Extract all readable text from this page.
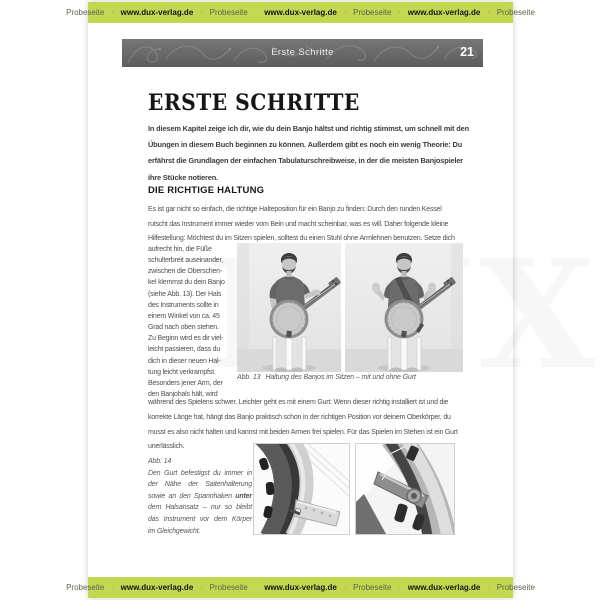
Probeseite · www.dux-verlag.de · Probeseite · www.dux-verlag.de · Probeseite · www.dux-verlag.de · Probeseite
Erste Schritte	21
ERSTE SCHRITTE
In diesem Kapitel zeige ich dir, wie du dein Banjo hältst und richtig stimmst, um schnell mit den
Übungen in diesem Buch beginnen zu können. Außerdem gibt es noch ein wenig Theorie: Du
erfährst die Grundlagen der einfachen Tabulaturschreibweise, in der die meisten Banjospieler
ihre Stücke notieren.
DIE RICHTIGE HALTUNG
Es ist gar nicht so einfach, die richtige Halteposition für ein Banjo zu finden: Durch den runden Kessel
rutscht das Instrument immer wieder vom Bein und macht scheinbar, was es will. Daher folgende kleine
Hilfestellung: Möchtest du im Sitzen spielen, solltest du einen Stuhl ohne Armlehnen benutzen. Setze dich
aufrecht hin, die Füße
schulterbreit auseinander,
zwischen die Oberschen-
kel klemmst du dein Banjo
(siehe Abb. 13). Der Hals
des Instruments sollte in
einem Winkel von ca. 45
Grad nach oben stehen.
Zu Beginn wird es dir viel-
leicht passieren, dass du
dich in dieser neuen Hal-
tung leicht verkrampfst.
Besonders jener Arm, der
den Banjohals hält, wird
Abb. 13 Haltung des Banjos im Sitzen – mit und ohne Gurt
während des Spielens schwer. Leichter geht es mit einem Gurt: Wenn dieser richtig installiert ist und die
korrekte Länge hat, hängt das Banjo praktisch schon in der richtigen Position vor deinem Oberkörper, du
musst es also nicht halten und kannst mit beiden Armen frei spielen. Für das Spielen im Stehen ist ein Gurt
unerlässlich.
Abb. 14
Den Gurt befestigst du immer in
der Nähe der Saitenhalterung
sowie an den Spannhaken unter
dem Halsansatz – nur so bleibt
das Instrument vor dem Körper
im Gleichgewicht.
Probeseite · www.dux-verlag.de · Probeseite · www.dux-verlag.de · Probeseite · www.dux-verlag.de · Probeseite
